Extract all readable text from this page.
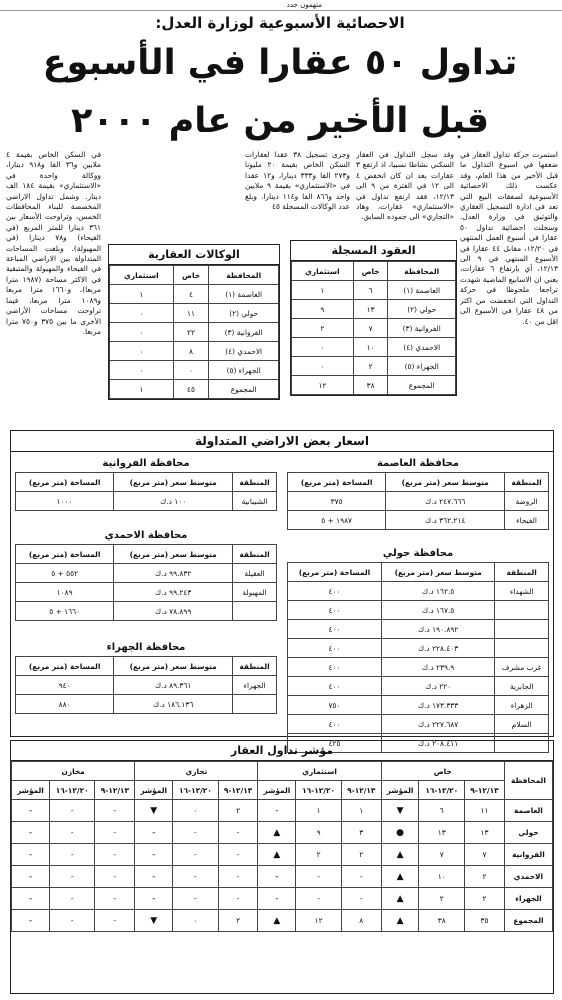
متهمون جدد
الاحصائية الأسبوعية لوزارة العدل:
تداول ٥٠ عقارا في الأسبوع
قبل الأخير من عام ٢٠٠٠
استمرت حركة تداول العقار في ضعفها في اسبوع التداول ما قبل الأخير من هذا العام، وقد عكست ذلك الاحصائية الأسبوعية لصفقات البيع التي تعد في ادارة التسجيل العقاري والتوثيق في وزارة العدل. وسجلت احصائية تداول ٥٠ عقارا في أسبوع العمل المنتهي في ١٢/٢٠، مقابل ٤٤ عقارا في الأسبوع المنتهي في ٩ الى ١٢/١٣، أي بارتفاع ٦ عقارات، يعني ان الاسابيع الماضية شهدت تراجعا ملحوظا في حركة التداول التي انخفضت من اكثر من ٤٨ عقارا في الأسبوع الى اقل من ٤٠.
وقد سجل التداول في العقار السكني نشاطا نسبيا، اذ ارتفع ٣ عقارات بعد ان كان اتخفض ٤ الى ١٢ في الفترة من ٩ الى ١٢/١٣، فقد ارتفع تداول في «الاستثماري» عقارات، وهاد «التجاري» الى جموده السابق.
وجرى تسجيل ٣٨ عقدا لعقارات السكن الخاص بقيمة ٢٠ مليونا و٢٧٣ الفا و٣٣٣ دينارا، و١٢ عقدا في «الاستثماري» بقيمة ٩ ملايين واحد و٨٦٦ الفا و١١٤ دينارا. وبلغ عدد الوكالات المسجلة ٤٥
في السكن الخاص بقيمة ٤ ملايين و٣٦ الفا و٩١٨ دينارا، ووكالة واحدة في «الاستثماري» بقيمة ١٨٤ الف دينار. وشمل تداول الاراضي المخصصة للبناء المحافظات الخمس، وتراوحت الأسعار بين ٣٦١ دينارا للمتر المربع (في الفيحاء) و٧٨ دينارا (في المهبولة). وبلغت المساحات المتداولة بين الاراضي المباعة في الفيحاء والمهبولة والمتبقية في الاكثر مساحة (١٩٨٧ مترا مربعا)، و١٦٦٠ مترا مربعا و١٠٨٩ مترا مربعا، فيما تراوحت مساحات الأراضي الأخرى ما بين ٣٧٥ و٧٥٠ مترا مربعا.
العقود المسجلة
المحافظة	خاص	استثماري
العاصمة (١)	٦	١
حولي (٢)	١٣	٩
الفروانية (٣)	٧	٢
الاحمدي (٤)	١٠	٠
الجهراء (٥)	٢	٠
المجموع	٣٨	١٢
الوكالات العقارية
المحافظة	خاص	استثماري
العاصمة (١)	٤	١
حولي (٢)	١١	٠
الفروانية (٣)	٢٢	٠
الاحمدي (٤)	٨	٠
الجهراء (٥)	٠	٠
المجموع	٤٥	١
اسعار بعض الاراضي المتداولة
محافظة العاصمة
المنطقة	متوسط سعر (متر مربع)	المساحة (متر مربع)
الروضة	٢٤٧.٦٦٦ د.ك	٣٧٥
الفيحاء	٣٦٢.٢١٤ د.ك	١٩٨٧ + ٥
محافظة حولي
المنطقة	متوسط سعر (متر مربع)	المساحة (متر مربع)
الشهداء	١٦٢.٥ د.ك	٤٠٠
	١٦٧.٥ د.ك	٤٠٠
	١٩٠.٨٩٢ د.ك	٤٠٠
	٢٢٨.٤٠٣ د.ك	٤٠٠
غرب مشرف	٢٣٩.٩ د.ك	٤٠٠
الجابرية	٢٢٠ د.ك	٤٠٠
الزهراء	١٧٣.٣٣٣ د.ك	٧٥٠
السلام	٢٢٧.٦٨٧ د.ك	٤٠٠
	٢٠٨.٤١١ د.ك	٤٢٥
محافظة الفروانية
المنطقة	متوسط سعر (متر مربع)	المساحة (متر مربع)
الشيبانية	١٠٠ د.ك	١٠٠٠
محافظة الاحمدي
المنطقة	متوسط سعر (متر مربع)	المساحة (متر مربع)
العقيلة	٩٩.٨٣٢ د.ك	٥٥٢ + ٥
المهبولة	٩٩.٢٤٣ د.ك	١٠٨٩
	٧٨.٨٩٩ د.ك	١٦٦٠ + ٥
محافظة الجهراء
المنطقة	متوسط سعر (متر مربع)	المساحة (متر مربع)
الجهراء	٨٩.٣٦١ د.ك	٩٤٠
	١٨٦.١٣٦ د.ك	٨٨٠
مؤشر تداول العقار
المحافظة	خاص			استثماري			تجاري			مخازن		
	١٢/١٣-٩	١٢/٢٠-١٦	المؤشر	١٢/١٣-٩	١٢/٢٠-١٦	المؤشر	١٢/١٣-٩	١٢/٢٠-١٦	المؤشر	١٢/١٣-٩	١٢/٢٠-١٦	المؤشر
العاصمة	١١	٦	▼	١	١	-	٢	٠	▼	-	-	-
حولي	١٣	١٣	●	٣	٩	▲	-	-	-	-	-	-
الفروانية	٧	٧	▲	٢	٢	▲	-	-	-	-	-	-
الاحمدي	٢	١٠	▲	-	-	-	-	-	-	-	-	-
الجهراء	٢	٢	▲	-	-	-	-	-	-	-	-	-
المجموع	٣٥	٣٨	▲	٨	١٢	▲	٢	٠	▼	-	-	-
